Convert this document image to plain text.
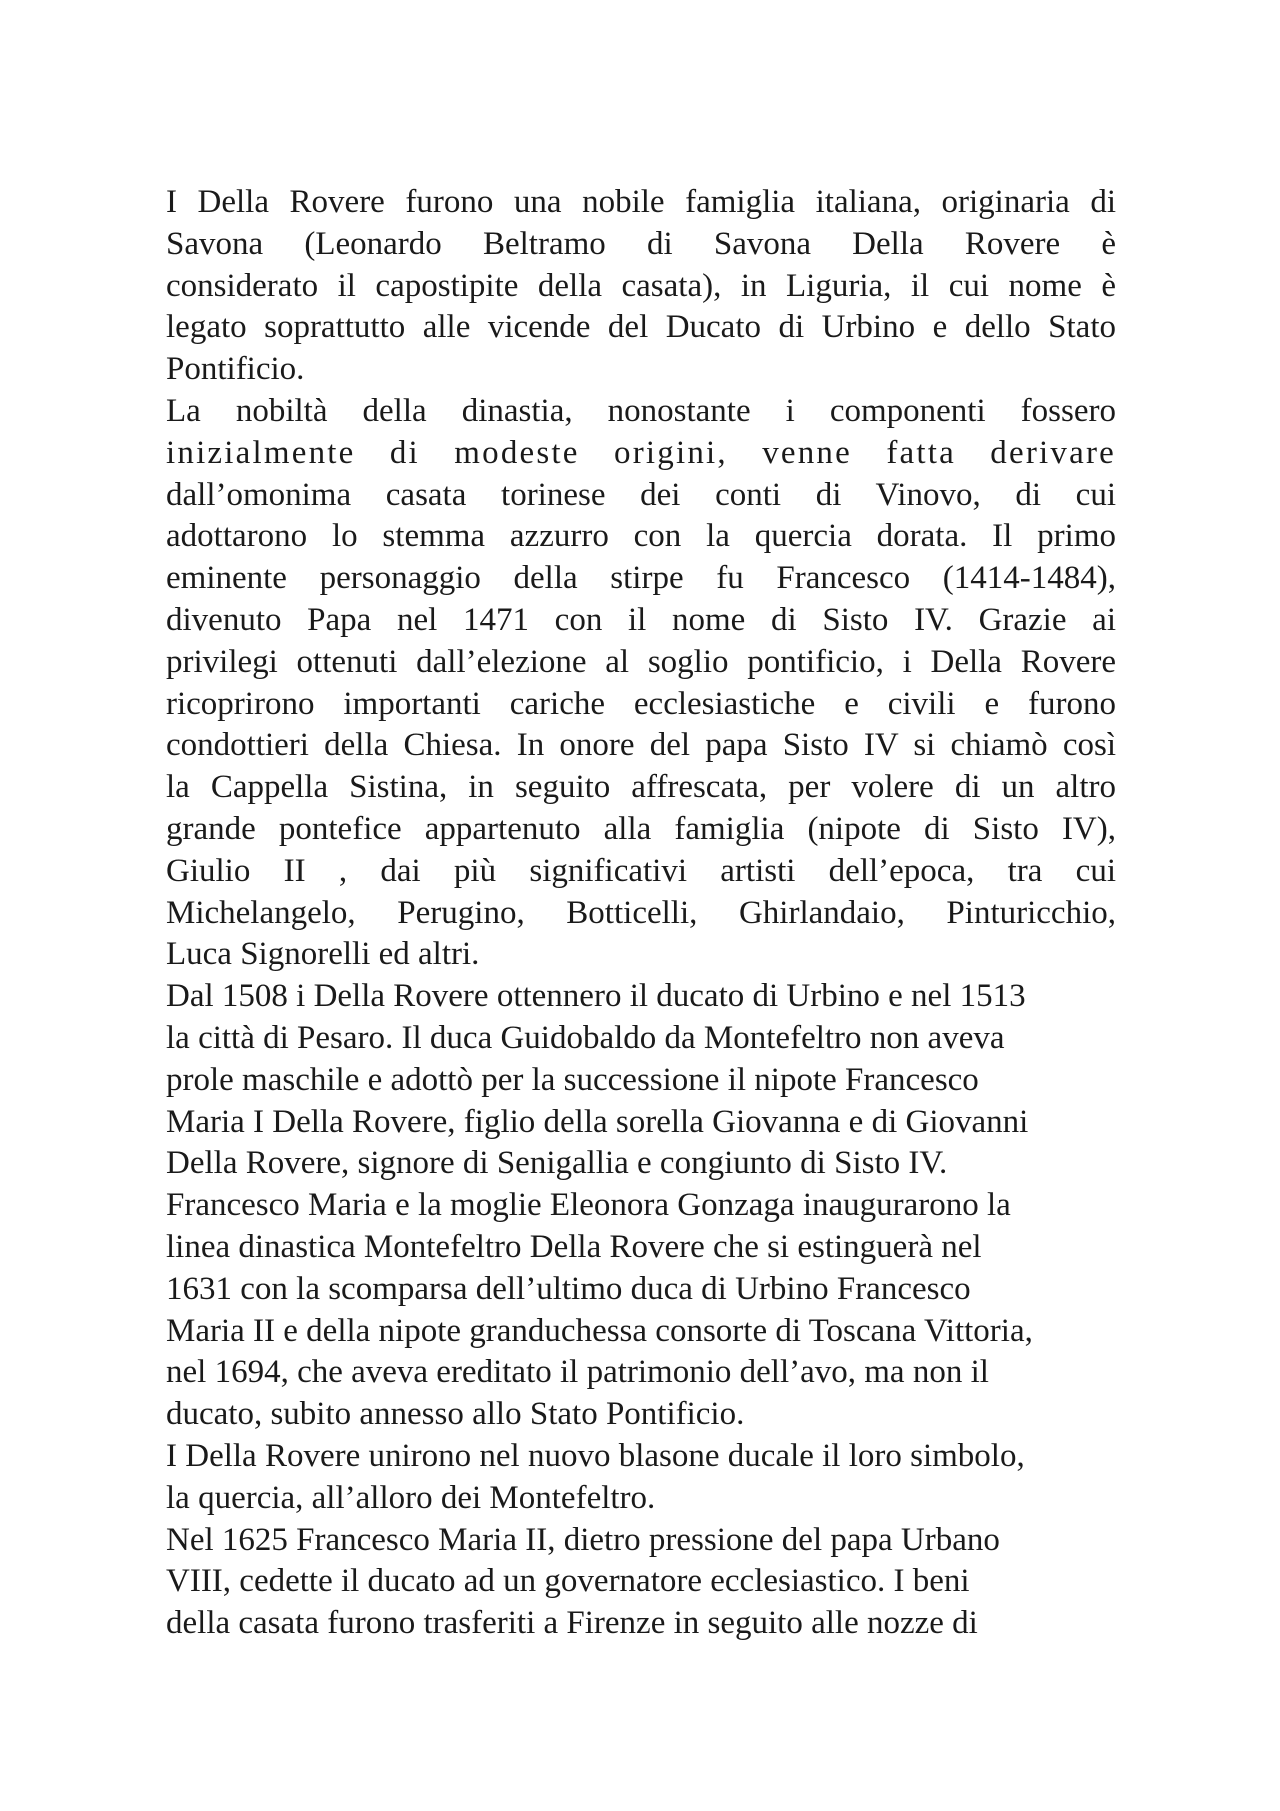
I Della Rovere furono una nobile famiglia italiana, originaria di
Savona (Leonardo Beltramo di Savona Della Rovere è
considerato il capostipite della casata), in Liguria, il cui nome è
legato soprattutto alle vicende del Ducato di Urbino e dello Stato
Pontificio.
La nobiltà della dinastia, nonostante i componenti fossero
inizialmente di modeste origini, venne fatta derivare
dall’omonima casata torinese dei conti di Vinovo, di cui
adottarono lo stemma azzurro con la quercia dorata. Il primo
eminente personaggio della stirpe fu Francesco (1414-1484),
divenuto Papa nel 1471 con il nome di Sisto IV. Grazie ai
privilegi ottenuti dall’elezione al soglio pontificio, i Della Rovere
ricoprirono importanti cariche ecclesiastiche e civili e furono
condottieri della Chiesa. In onore del papa Sisto IV si chiamò così
la Cappella Sistina, in seguito affrescata, per volere di un altro
grande pontefice appartenuto alla famiglia (nipote di Sisto IV),
Giulio II , dai più significativi artisti dell’epoca, tra cui
Michelangelo, Perugino, Botticelli, Ghirlandaio, Pinturicchio,
Luca Signorelli ed altri.
Dal 1508 i Della Rovere ottennero il ducato di Urbino e nel 1513
la città di Pesaro. Il duca Guidobaldo da Montefeltro non aveva
prole maschile e adottò per la successione il nipote Francesco
Maria I Della Rovere, figlio della sorella Giovanna e di Giovanni
Della Rovere, signore di Senigallia e congiunto di Sisto IV.
Francesco Maria e la moglie Eleonora Gonzaga inaugurarono la
linea dinastica Montefeltro Della Rovere che si estinguerà nel
1631 con la scomparsa dell’ultimo duca di Urbino Francesco
Maria II e della nipote granduchessa consorte di Toscana Vittoria,
nel 1694, che aveva ereditato il patrimonio dell’avo, ma non il
ducato, subito annesso allo Stato Pontificio.
I Della Rovere unirono nel nuovo blasone ducale il loro simbolo,
la quercia, all’alloro dei Montefeltro.
Nel 1625 Francesco Maria II, dietro pressione del papa Urbano
VIII, cedette il ducato ad un governatore ecclesiastico. I beni
della casata furono trasferiti a Firenze in seguito alle nozze di
